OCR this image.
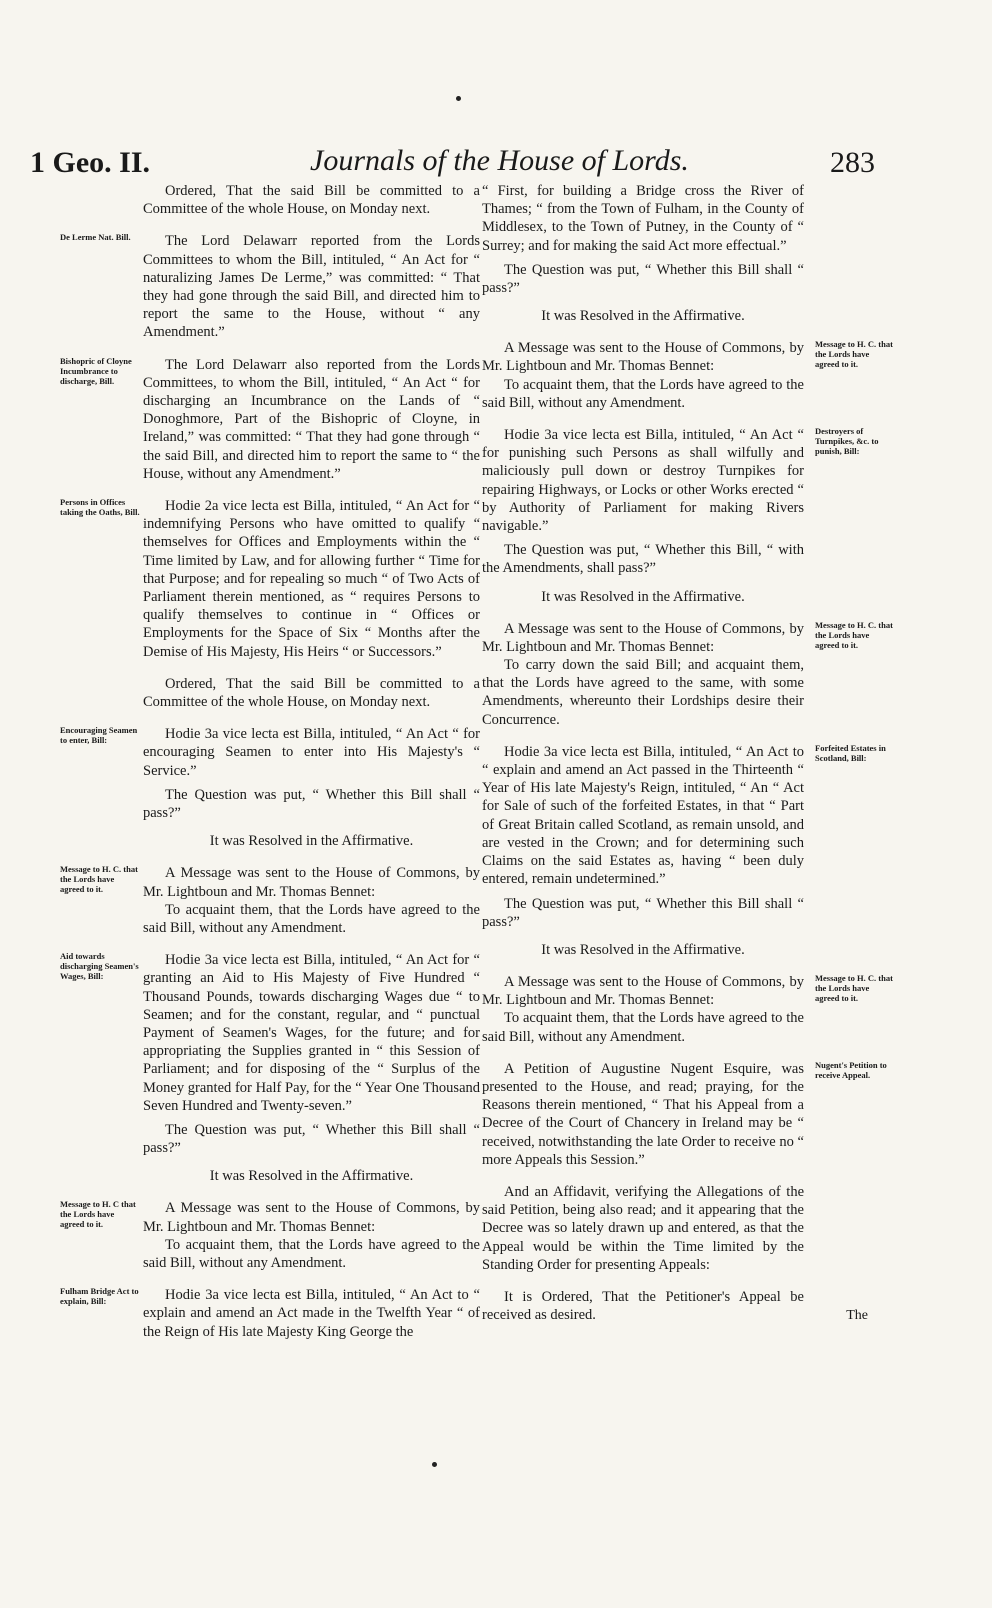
1 Geo. II.	Journals of the House of Lords.	283

Ordered, That the said Bill be committed to a Committee of the whole House, on Monday next.

De Lerme Nat. Bill.	The Lord Delawarr reported from the Lords Committees to whom the Bill, intituled, “ An Act for “ naturalizing James De Lerme,” was committed: “ That they had gone through the said Bill, and directed him to report the same to the House, without “ any Amendment.”

Bishopric of Cloyne Incumbrance to discharge, Bill.

The Lord Delawarr also reported from the Lords Committees, to whom the Bill, intituled, “ An Act “ for discharging an Incumbrance on the Lands of “ Donoghmore, Part of the Bishopric of Cloyne, in Ireland,” was committed: “ That they had gone through “ the said Bill, and directed him to report the same to “ the House, without any Amendment.”

Persons in Offices taking the Oaths, Bill.	Hodie 2a vice lecta est Billa, intituled, “ An Act for “ indemnifying Persons who have omitted to qualify “ themselves for Offices and Employments within the “ Time limited by Law, and for allowing further “ Time for that Purpose; and for repealing so much “ of Two Acts of Parliament therein mentioned, as “ requires Persons to qualify themselves to continue in “ Offices or Employments for the Space of Six “ Months after the Demise of His Majesty, His Heirs “ or Successors.”

Ordered, That the said Bill be committed to a Committee of the whole House, on Monday next.

Encouraging Seamen to enter, Bill:	Hodie 3a vice lecta est Billa, intituled, “ An Act “ for encouraging Seamen to enter into His Majesty's “ Service.”

The Question was put, “ Whether this Bill shall “ pass?”

It was Resolved in the Affirmative.
Message to H. C. that the Lords have agreed to it.

A Message was sent to the House of Commons, by Mr. Lightboun and Mr. Thomas Bennet:

To acquaint them, that the Lords have agreed to the said Bill, without any Amendment.

Aid towards discharging Seamen's Wages, Bill:

Hodie 3a vice lecta est Billa, intituled, “ An Act for “ granting an Aid to His Majesty of Five Hundred “ Thousand Pounds, towards discharging Wages due “ to Seamen; and for the constant, regular, and “ punctual Payment of Seamen's Wages, for the future; and for appropriating the Supplies granted in “ this Session of Parliament; and for disposing of the “ Surplus of the Money granted for Half Pay, for the “ Year One Thousand Seven Hundred and Twenty-seven.”

The Question was put, “ Whether this Bill shall “ pass?”

It was Resolved in the Affirmative.
Message to H. C that the Lords have agreed to it.

A Message was sent to the House of Commons, by Mr. Lightboun and Mr. Thomas Bennet:

To acquaint them, that the Lords have agreed to the said Bill, without any Amendment.

Fulham Bridge Act to explain, Bill:	Hodie 3a vice lecta est Billa, intituled, “ An Act to “ explain and amend an Act made in the Twelfth Year “ of the Reign of His late Majesty King George the

“ First, for building a Bridge cross the River of Thames; “ from the Town of Fulham, in the County of Middlesex, to the Town of Putney, in the County of “ Surrey; and for making the said Act more effectual.”

The Question was put, “ Whether this Bill shall “ pass?”

It was Resolved in the Affirmative.
Message to H. C. that the Lords have agreed to it.

A Message was sent to the House of Commons, by Mr. Lightboun and Mr. Thomas Bennet:

To acquaint them, that the Lords have agreed to the said Bill, without any Amendment.

Destroyers of Turnpikes, &c. to punish, Bill:

Hodie 3a vice lecta est Billa, intituled, “ An Act “ for punishing such Persons as shall wilfully and maliciously pull down or destroy Turnpikes for repairing Highways, or Locks or other Works erected “ by Authority of Parliament for making Rivers navigable.”

The Question was put, “ Whether this Bill, “ with the Amendments, shall pass?”

It was Resolved in the Affirmative.
Message to H. C. that the Lords have agreed to it.

A Message was sent to the House of Commons, by Mr. Lightboun and Mr. Thomas Bennet:

To carry down the said Bill; and acquaint them, that the Lords have agreed to the same, with some Amendments, whereunto their Lordships desire their Concurrence.

Forfeited Estates in Scotland, Bill:

Hodie 3a vice lecta est Billa, intituled, “ An Act to “ explain and amend an Act passed in the Thirteenth “ Year of His late Majesty's Reign, intituled, “ An “ Act for Sale of such of the forfeited Estates, in that “ Part of Great Britain called Scotland, as remain unsold, and are vested in the Crown; and for determining such Claims on the said Estates as, having “ been duly entered, remain undetermined.”

The Question was put, “ Whether this Bill shall “ pass?”

It was Resolved in the Affirmative.
Message to H. C. that the Lords have agreed to it.

A Message was sent to the House of Commons, by Mr. Lightboun and Mr. Thomas Bennet:

To acquaint them, that the Lords have agreed to the said Bill, without any Amendment.

Nugent's Petition to receive Appeal.

A Petition of Augustine Nugent Esquire, was presented to the House, and read; praying, for the Reasons therein mentioned, “ That his Appeal from a Decree of the Court of Chancery in Ireland may be “ received, notwithstanding the late Order to receive no “ more Appeals this Session.”

And an Affidavit, verifying the Allegations of the said Petition, being also read; and it appearing that the Decree was so lately drawn up and entered, as that the Appeal would be within the Time limited by the Standing Order for presenting Appeals:

It is Ordered, That the Petitioner's Appeal be received as desired.	The
